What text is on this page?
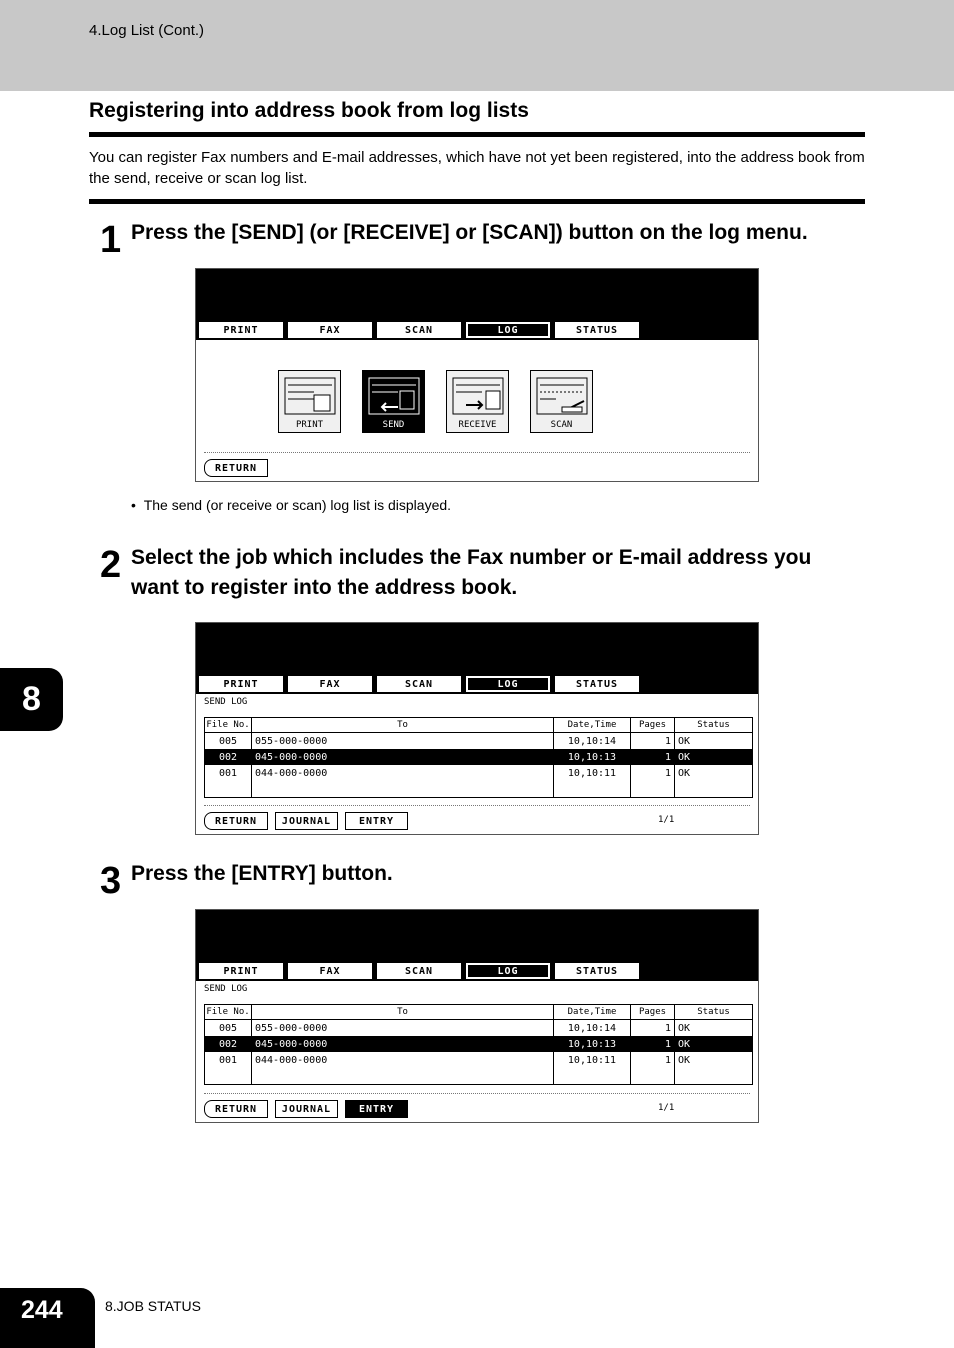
4.Log List (Cont.)
Registering into address book from log lists
You can register Fax numbers and E-mail addresses, which have not yet been registered, into the address book from the send, receive or scan log list.
1 Press the [SEND] (or [RECEIVE] or [SCAN]) button on the log menu.
PRINT	FAX	SCAN	LOG	STATUS
PRINT	SEND	RECEIVE	SCAN
RETURN
•  The send (or receive or scan) log list is displayed.
2 Select the job which includes the Fax number or E-mail address you want to register into the address book.
PRINT	FAX	SCAN	LOG	STATUS
SEND LOG
File No.	To	Date,Time	Pages	Status
005	055-000-0000	10,10:14	1	OK
002	045-000-0000	10,10:13	1	OK
001	044-000-0000	10,10:11	1	OK

RETURN	JOURNAL	ENTRY	1/1
3 Press the [ENTRY] button.
PRINT	FAX	SCAN	LOG	STATUS
SEND LOG
File No.	To	Date,Time	Pages	Status
005	055-000-0000	10,10:14	1	OK
002	045-000-0000	10,10:13	1	OK
001	044-000-0000	10,10:11	1	OK

RETURN	JOURNAL	ENTRY	1/1
8
244	8.JOB STATUS
